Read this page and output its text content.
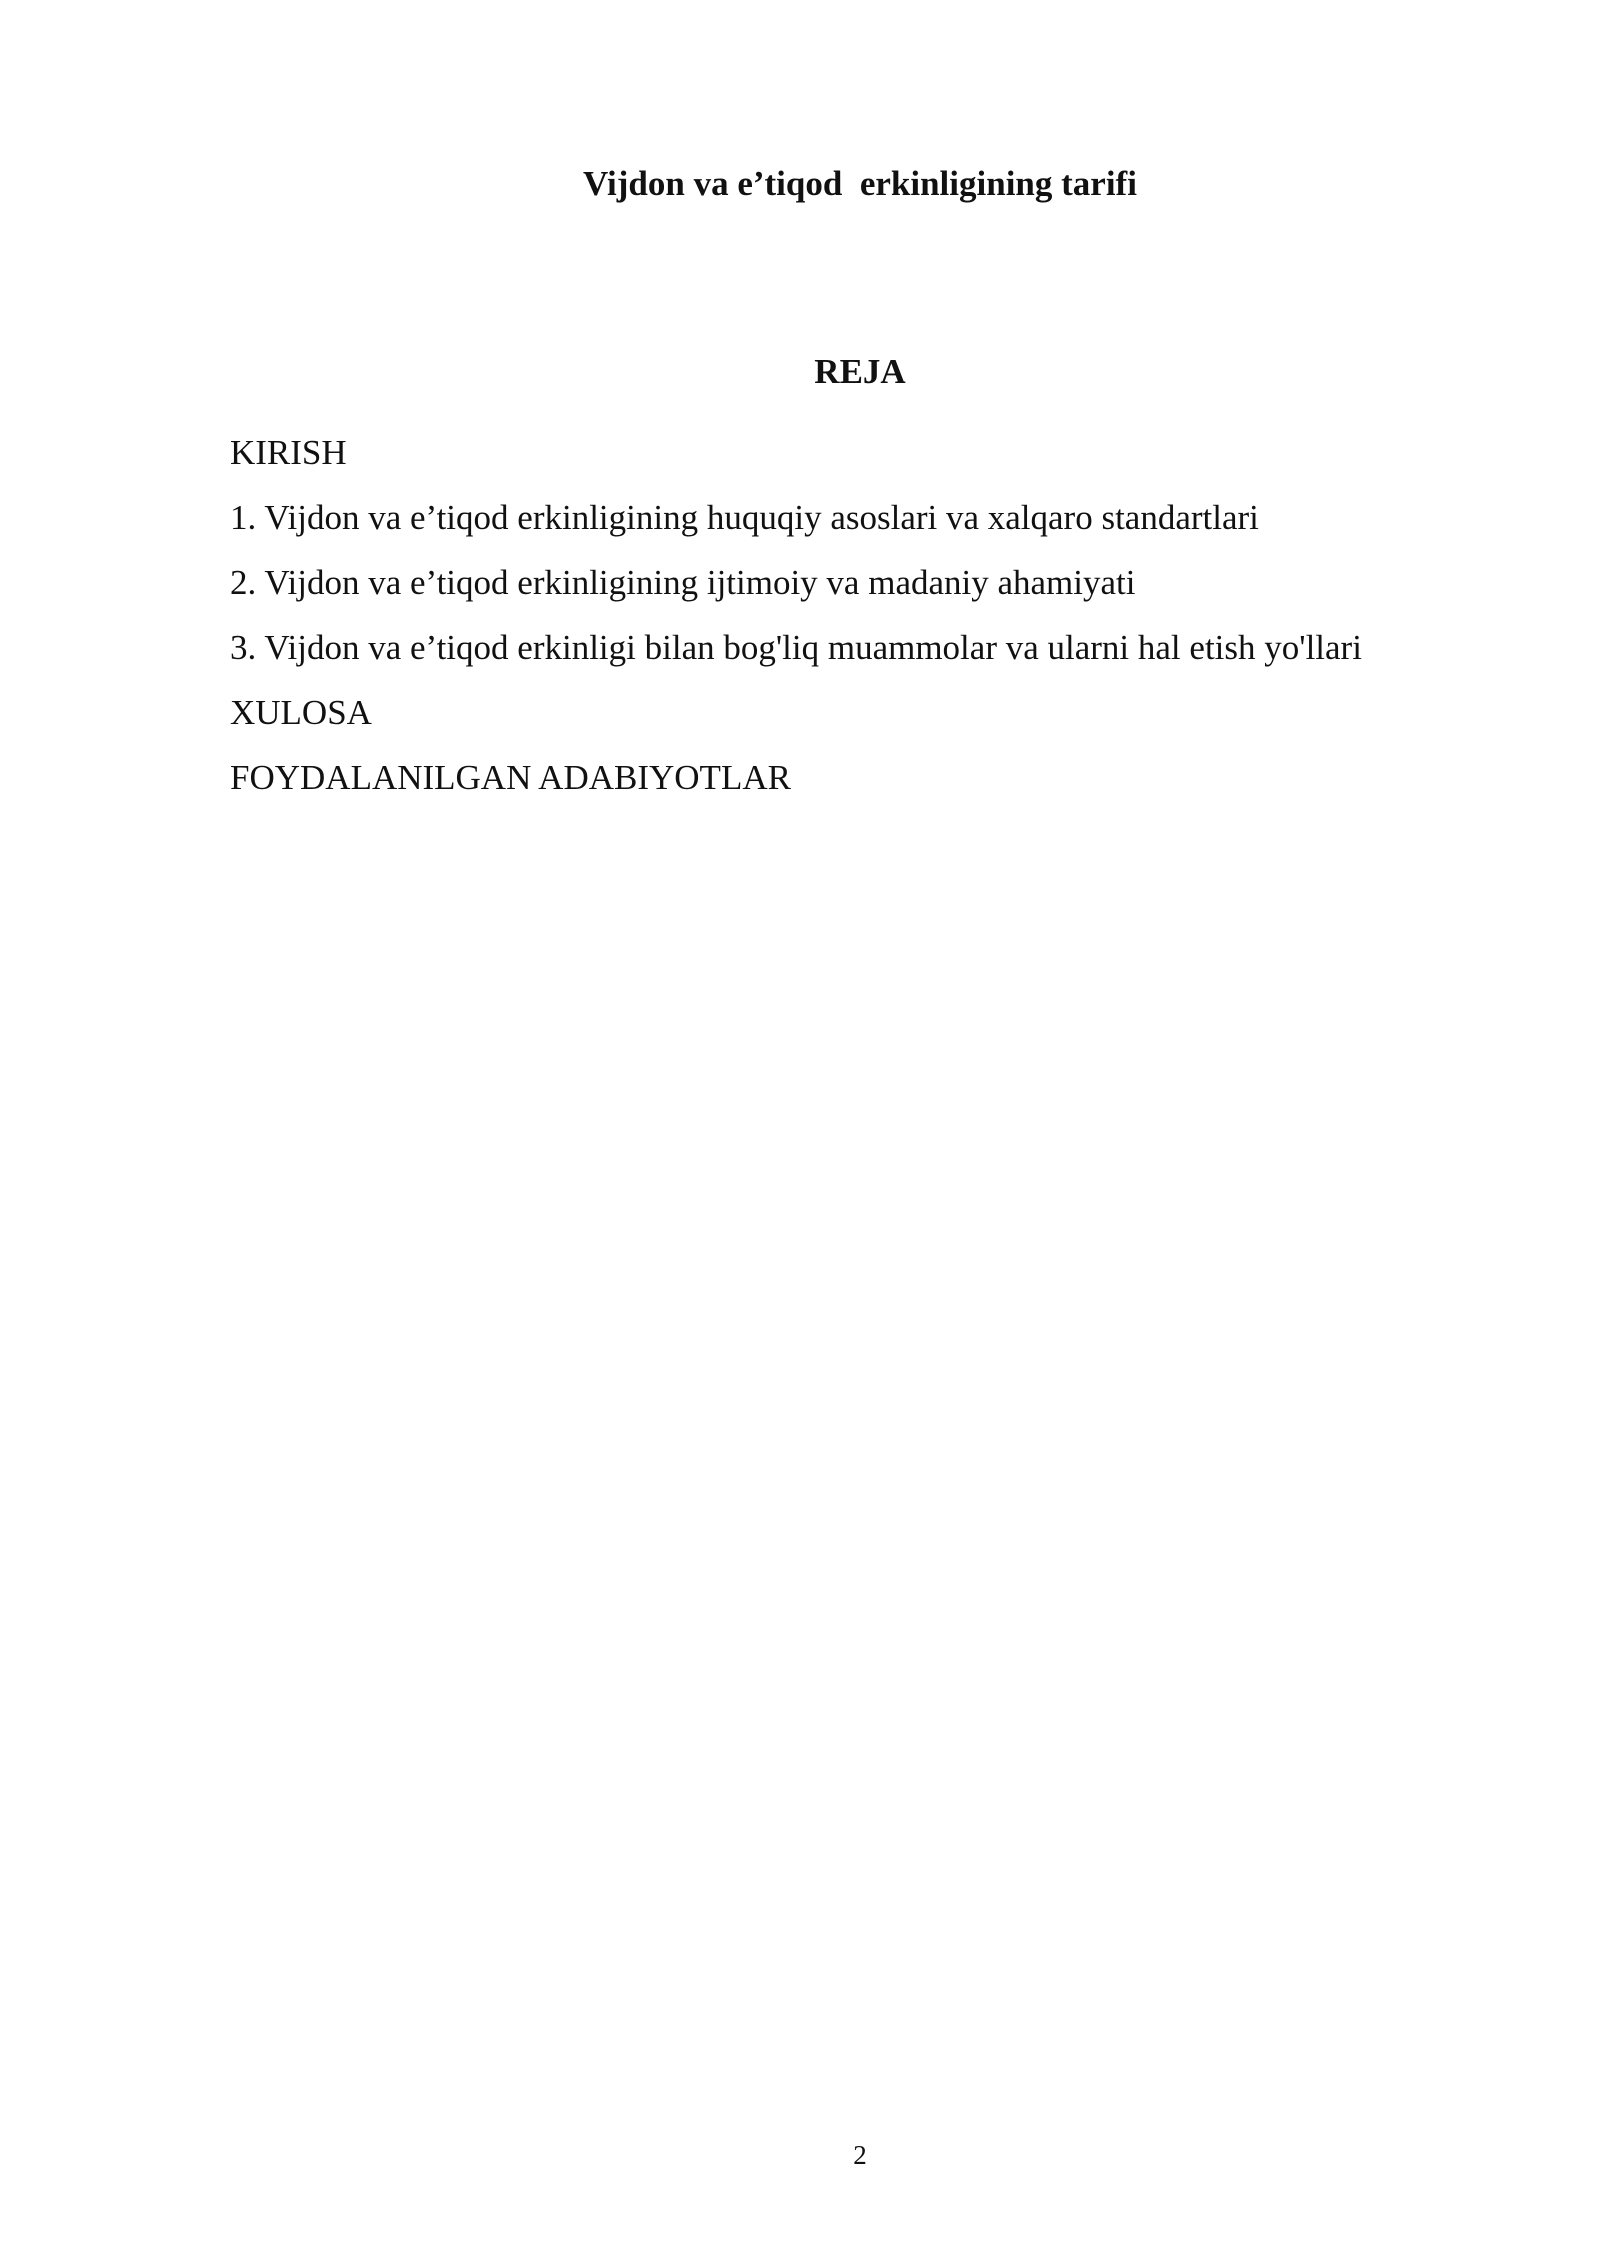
Vijdon va e’tiqod  erkinligining tarifi
REJA
KIRISH
1. Vijdon va e’tiqod erkinligining huquqiy asoslari va xalqaro standartlari
2. Vijdon va e’tiqod erkinligining ijtimoiy va madaniy ahamiyati
3. Vijdon va e’tiqod erkinligi bilan bog'liq muammolar va ularni hal etish yo'llari
XULOSA
FOYDALANILGAN ADABIYOTLAR
2
